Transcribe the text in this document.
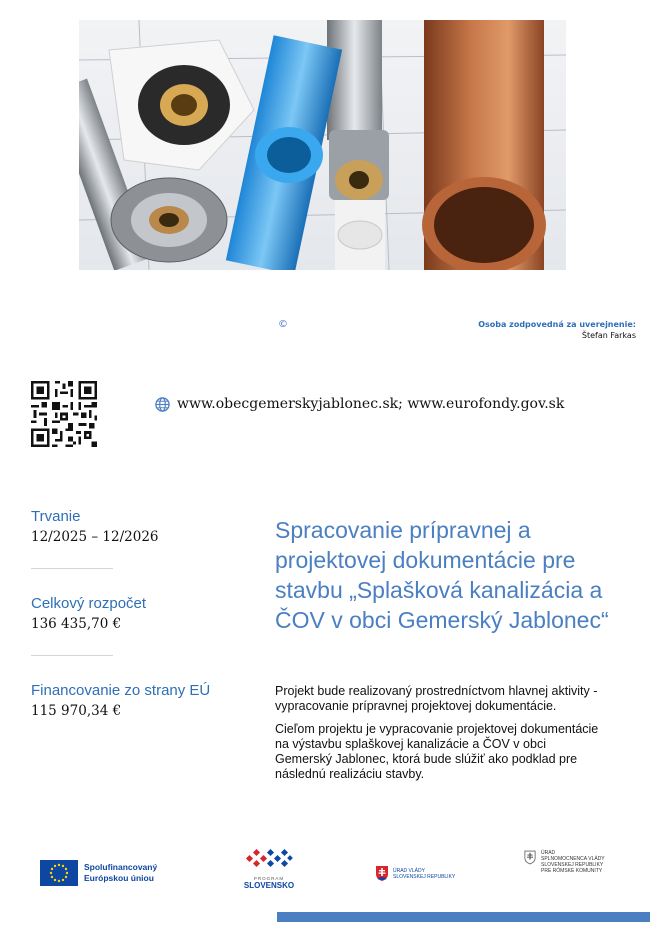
©	Osoba zodpovedná za uverejnenie:
Štefan Farkas
www.obecgemerskyjablonec.sk; www.eurofondy.gov.sk
Trvanie
12/2025 – 12/2026
Celkový rozpočet
136 435,70 €
Financovanie zo strany EÚ
115 970,34 €
Spracovanie prípravnej a projektovej dokumentácie pre stavbu „Splašková kanalizácia a ČOV v obci Gemerský Jablonec“

Projekt bude realizovaný prostredníctvom hlavnej aktivity - vypracovanie prípravnej projektovej dokumentácie.

Cieľom projektu je vypracovanie projektovej dokumentácie na výstavbu splaškovej kanalizácie a ČOV v obci Gemerský Jablonec, ktorá bude slúžiť ako podklad pre následnú realizáciu stavby.

Spolufinancovaný
Európskou úniou	PROGRAM
SLOVENSKO
ÚRAD VLÁDY
SLOVENSKEJ REPUBLIKY
ÚRAD
SPLNOMOCNENCA VLÁDY
SLOVENSKEJ REPUBLIKY
PRE RÓMSKE KOMUNITY
